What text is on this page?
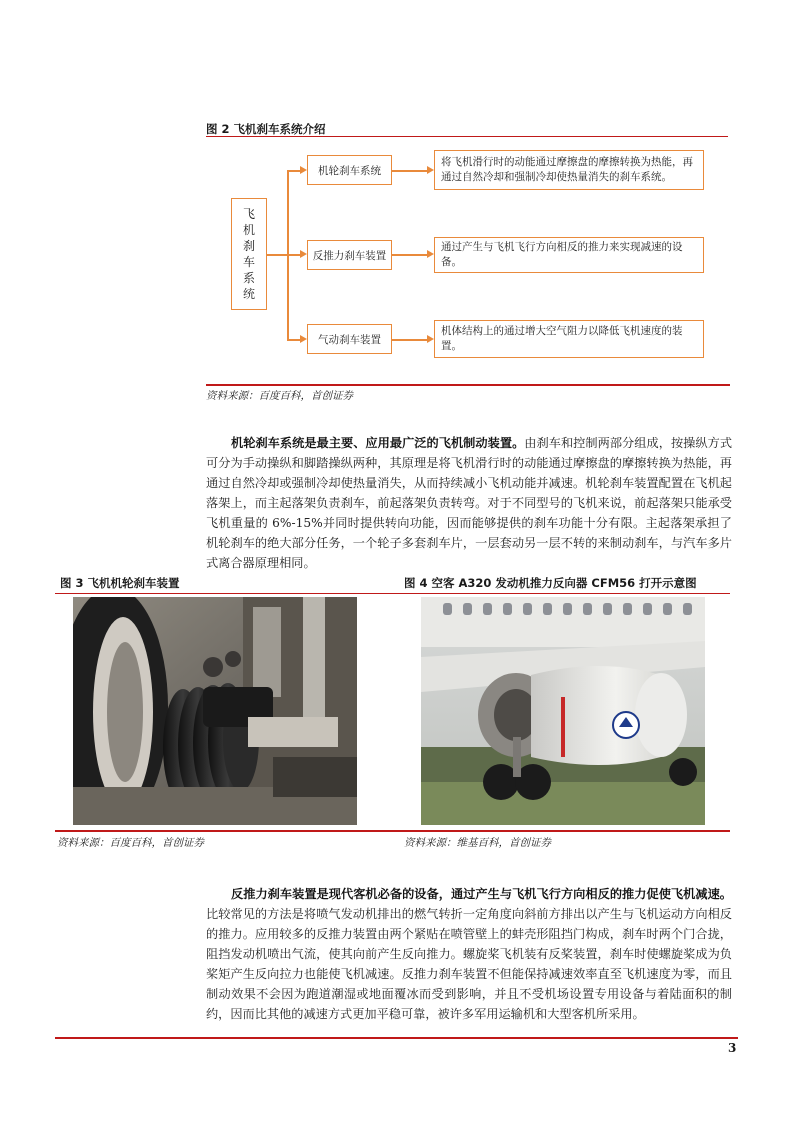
图 2 飞机刹车系统介绍
飞
机
刹
车
系
统
机轮刹车系统
反推力刹车装置
气动刹车装置
将飞机滑行时的动能通过摩擦盘的摩擦转换为热能，再
通过自然冷却和强制冷却使热量消失的刹车系统。
通过产生与飞机飞行方向相反的推力来实现减速的设备。
机体结构上的通过增大空气阻力以降低飞机速度的装置。
资料来源：百度百科，首创证券
机轮刹车系统是最主要、应用最广泛的飞机制动装置。由刹车和控制两部分组成，按操纵方式可分为手动操纵和脚踏操纵两种，其原理是将飞机滑行时的动能通过摩擦盘的摩擦转换为热能，再通过自然冷却或强制冷却使热量消失，从而持续减小飞机动能并减速。机轮刹车装置配置在飞机起落架上，而主起落架负责刹车，前起落架负责转弯。对于不同型号的飞机来说，前起落架只能承受飞机重量的 6%-15%并同时提供转向功能，因而能够提供的刹车功能十分有限。主起落架承担了机轮刹车的绝大部分任务，一个轮子多套刹车片，一层套动另一层不转的来制动刹车，与汽车多片式离合器原理相同。
图 3 飞机机轮刹车装置	图 4 空客 A320 发动机推力反向器 CFM56 打开示意图
资料来源：百度百科，首创证券	资料来源：维基百科，首创证券
反推力刹车装置是现代客机必备的设备，通过产生与飞机飞行方向相反的推力促使飞机减速。比较常见的方法是将喷气发动机排出的燃气转折一定角度向斜前方排出以产生与飞机运动方向相反的推力。应用较多的反推力装置由两个紧贴在喷管壁上的蚌壳形阻挡门构成，刹车时两个门合拢，阻挡发动机喷出气流，使其向前产生反向推力。螺旋桨飞机装有反桨装置，刹车时使螺旋桨成为负桨矩产生反向拉力也能使飞机减速。反推力刹车装置不但能保持减速效率直至飞机速度为零，而且制动效果不会因为跑道潮湿或地面覆冰而受到影响，并且不受机场设置专用设备与着陆面积的制约，因而比其他的减速方式更加平稳可靠，被许多军用运输机和大型客机所采用。
3
